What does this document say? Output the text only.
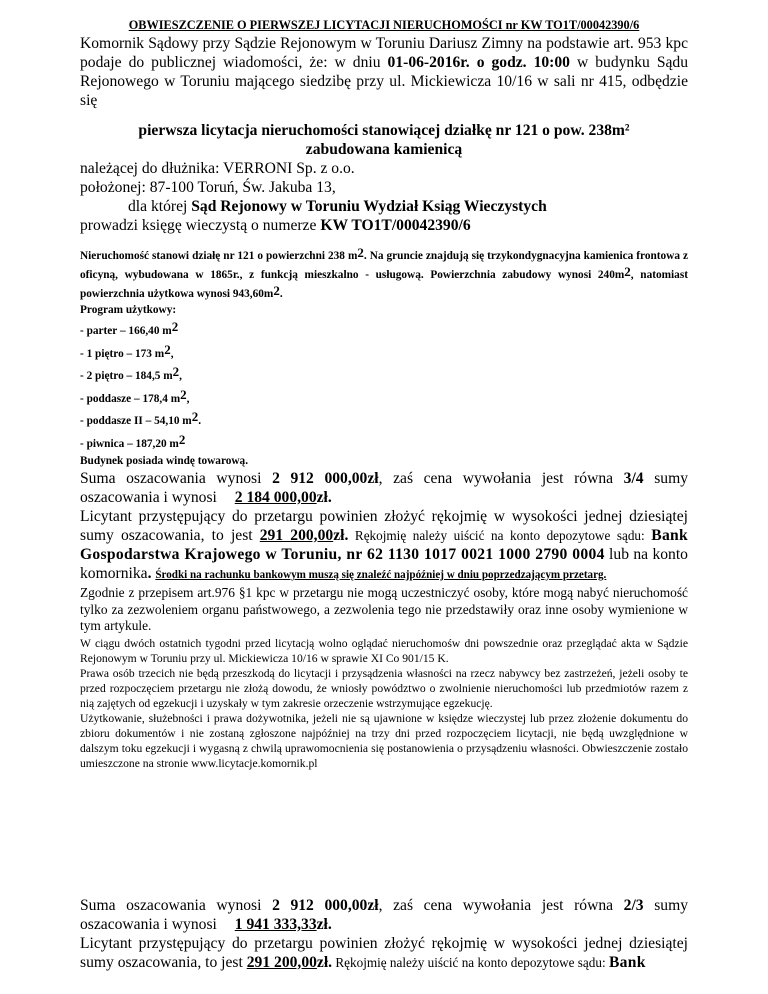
OBWIESZCZENIE O PIERWSZEJ LICYTACJI NIERUCHOMOŚCI nr KW TO1T/00042390/6

Komornik Sądowy przy Sądzie Rejonowym w Toruniu Dariusz Zimny na podstawie art. 953 kpc podaje do publicznej wiadomości, że: w dniu 01-06-2016r. o godz. 10:00 w budynku Sądu Rejonowego w Toruniu mającego siedzibę przy ul. Mickiewicza 10/16 w sali nr 415, odbędzie się

pierwsza licytacja nieruchomości stanowiącej działkę nr 121 o pow. 238m²

zabudowana kamienicą

należącej do dłużnika: VERRONI Sp. z o.o.

położonej: 87-100 Toruń, Św. Jakuba 13,

dla której Sąd Rejonowy w Toruniu Wydział Ksiąg Wieczystych

prowadzi księgę wieczystą o numerze KW TO1T/00042390/6

Nieruchomość stanowi działę nr 121 o powierzchni 238 m2. Na gruncie znajdują się trzykondygnacyjna kamienica frontowa z oficyną, wybudowana w 1865r., z funkcją mieszkalno - usługową. Powierzchnia zabudowy wynosi 240m2, natomiast powierzchnia użytkowa wynosi 943,60m2.

Program użytkowy:

- parter – 166,40 m2

- 1 piętro – 173 m2,

- 2 piętro – 184,5 m2,

- poddasze – 178,4 m2,

- poddasze II – 54,10 m2.

- piwnica – 187,20 m2

Budynek posiada windę towarową.

Suma oszacowania wynosi 2 912 000,00zł, zaś cena wywołania jest równa 3/4 sumy oszacowania i wynosi 2 184 000,00zł.

Licytant przystępujący do przetargu powinien złożyć rękojmię w wysokości jednej dziesiątej sumy oszacowania, to jest 291 200,00zł. Rękojmię należy uiścić na konto depozytowe sądu: Bank Gospodarstwa Krajowego w Toruniu, nr 62 1130 1017 0021 1000 2790 0004 lub na konto komornika. Środki na rachunku bankowym muszą się znaleźć najpóźniej w dniu poprzedzającym przetarg.

Zgodnie z przepisem art.976 §1 kpc w przetargu nie mogą uczestniczyć osoby, które mogą nabyć nieruchomość tylko za zezwoleniem organu państwowego, a zezwolenia tego nie przedstawiły oraz inne osoby wymienione w tym artykule.

W ciągu dwóch ostatnich tygodni przed licytacją wolno oglądać nieruchomośw dni powszednie oraz przeglądać akta w Sądzie Rejonowym w Toruniu przy ul. Mickiewicza 10/16 w sprawie XI Co 901/15 K.

Prawa osób trzecich nie będą przeszkodą do licytacji i przysądzenia własności na rzecz nabywcy bez zastrzeżeń, jeżeli osoby te przed rozpoczęciem przetargu nie złożą dowodu, że wniosły powództwo o zwolnienie nieruchomości lub przedmiotów razem z nią zajętych od egzekucji i uzyskały w tym zakresie orzeczenie wstrzymujące egzekucję.

Użytkowanie, służebności i prawa dożywotnika, jeżeli nie są ujawnione w księdze wieczystej lub przez złożenie dokumentu do zbioru dokumentów i nie zostaną zgłoszone najpóźniej na trzy dni przed rozpoczęciem licytacji, nie będą uwzględnione w dalszym toku egzekucji i wygasną z chwilą uprawomocnienia się postanowienia o przysądzeniu własności. Obwieszczenie zostało umieszczone na stronie www.licytacje.komornik.pl

Suma oszacowania wynosi 2 912 000,00zł, zaś cena wywołania jest równa 2/3 sumy oszacowania i wynosi 1 941 333,33zł.

Licytant przystępujący do przetargu powinien złożyć rękojmię w wysokości jednej dziesiątej sumy oszacowania, to jest 291 200,00zł. Rękojmię należy uiścić na konto depozytowe sądu: Bank
